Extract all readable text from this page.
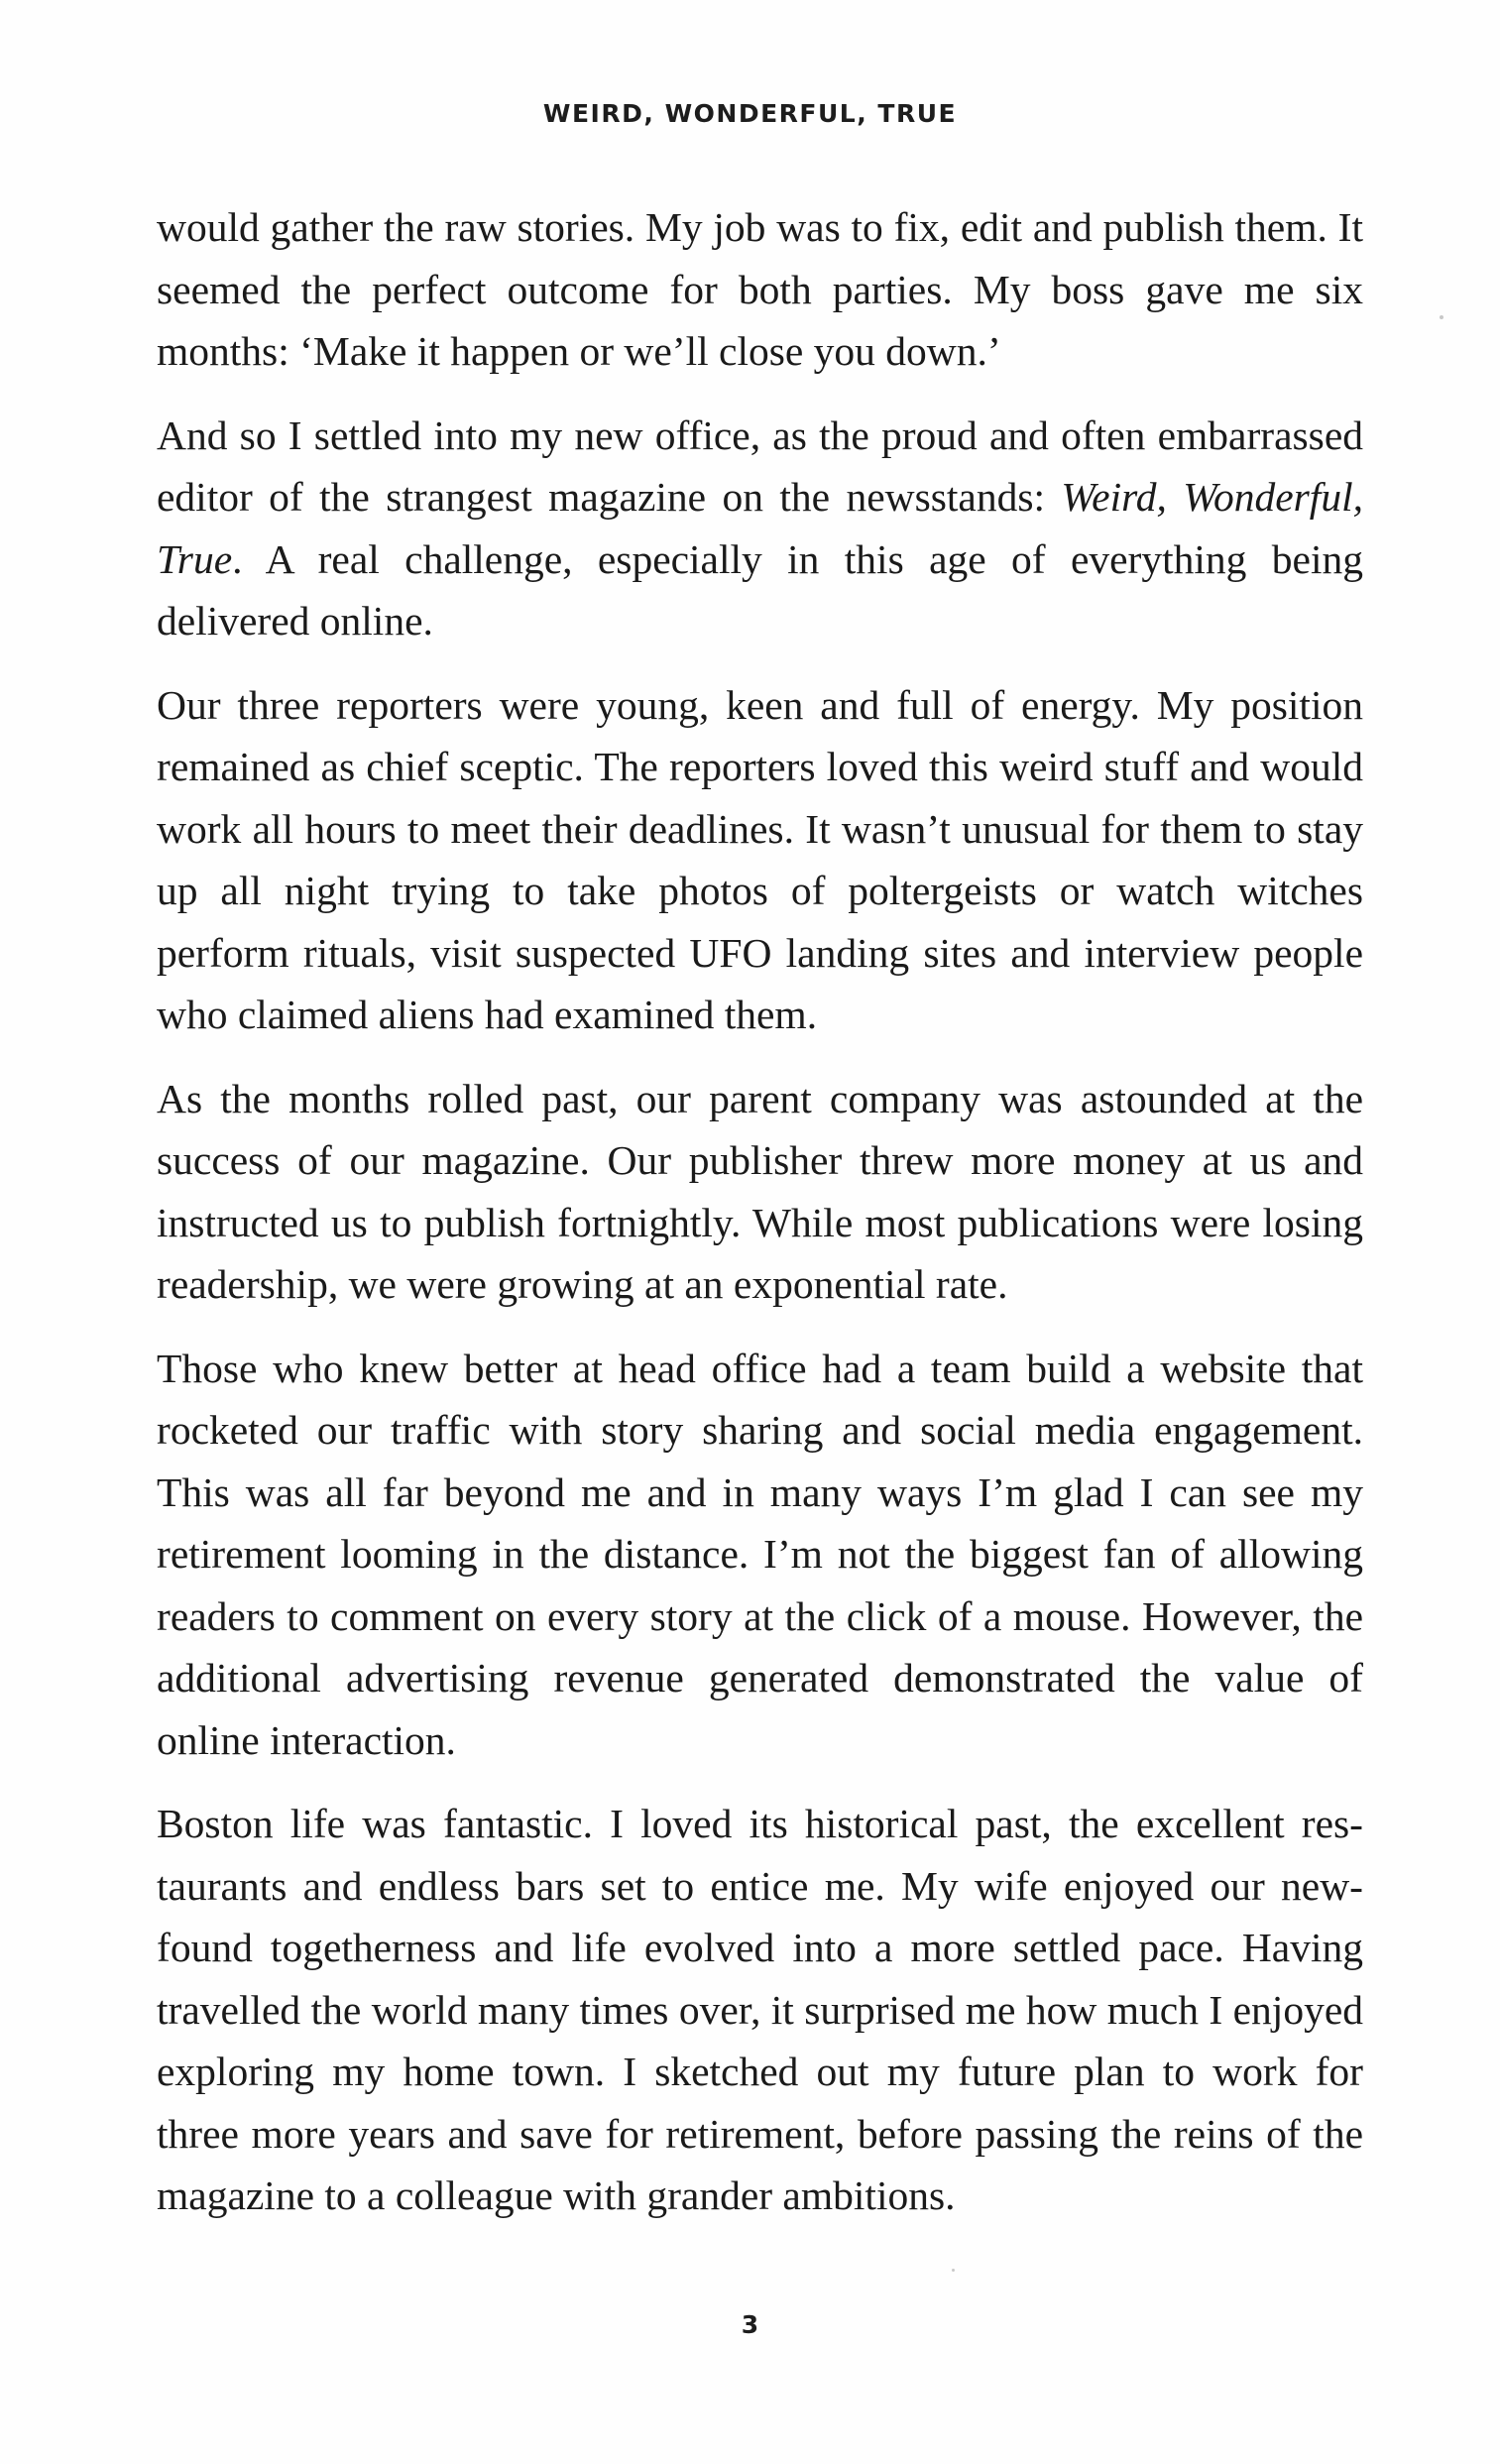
WEIRD, WONDERFUL, TRUE

would gather the raw stories. My job was to fix, edit and publish them. It seemed the perfect outcome for both parties. My boss gave me six months: ‘Make it happen or we’ll close you down.’

And so I settled into my new office, as the proud and often embarrassed editor of the strangest magazine on the newsstands: Weird, Wonderful, True. A real challenge, especially in this age of everything being delivered online.

Our three reporters were young, keen and full of energy. My position remained as chief sceptic. The reporters loved this weird stuff and would work all hours to meet their deadlines. It wasn’t unusual for them to stay up all night trying to take photos of poltergeists or watch witches perform rituals, visit suspected UFO landing sites and interview people who claimed aliens had examined them.

As the months rolled past, our parent company was astounded at the success of our magazine. Our publisher threw more money at us and instructed us to publish fortnightly. While most publications were losing readership, we were growing at an exponential rate.

Those who knew better at head office had a team build a website that rocketed our traffic with story sharing and social media engagement. This was all far beyond me and in many ways I’m glad I can see my retirement looming in the distance. I’m not the biggest fan of allowing readers to comment on every story at the click of a mouse. However, the additional advertising revenue generated demonstrated the value of online interaction.

Boston life was fantastic. I loved its historical past, the excellent restaurants and endless bars set to entice me. My wife enjoyed our newfound togetherness and life evolved into a more settled pace. Having travelled the world many times over, it surprised me how much I enjoyed exploring my home town. I sketched out my future plan to work for three more years and save for retirement, before passing the reins of the magazine to a colleague with grander ambitions.

3
